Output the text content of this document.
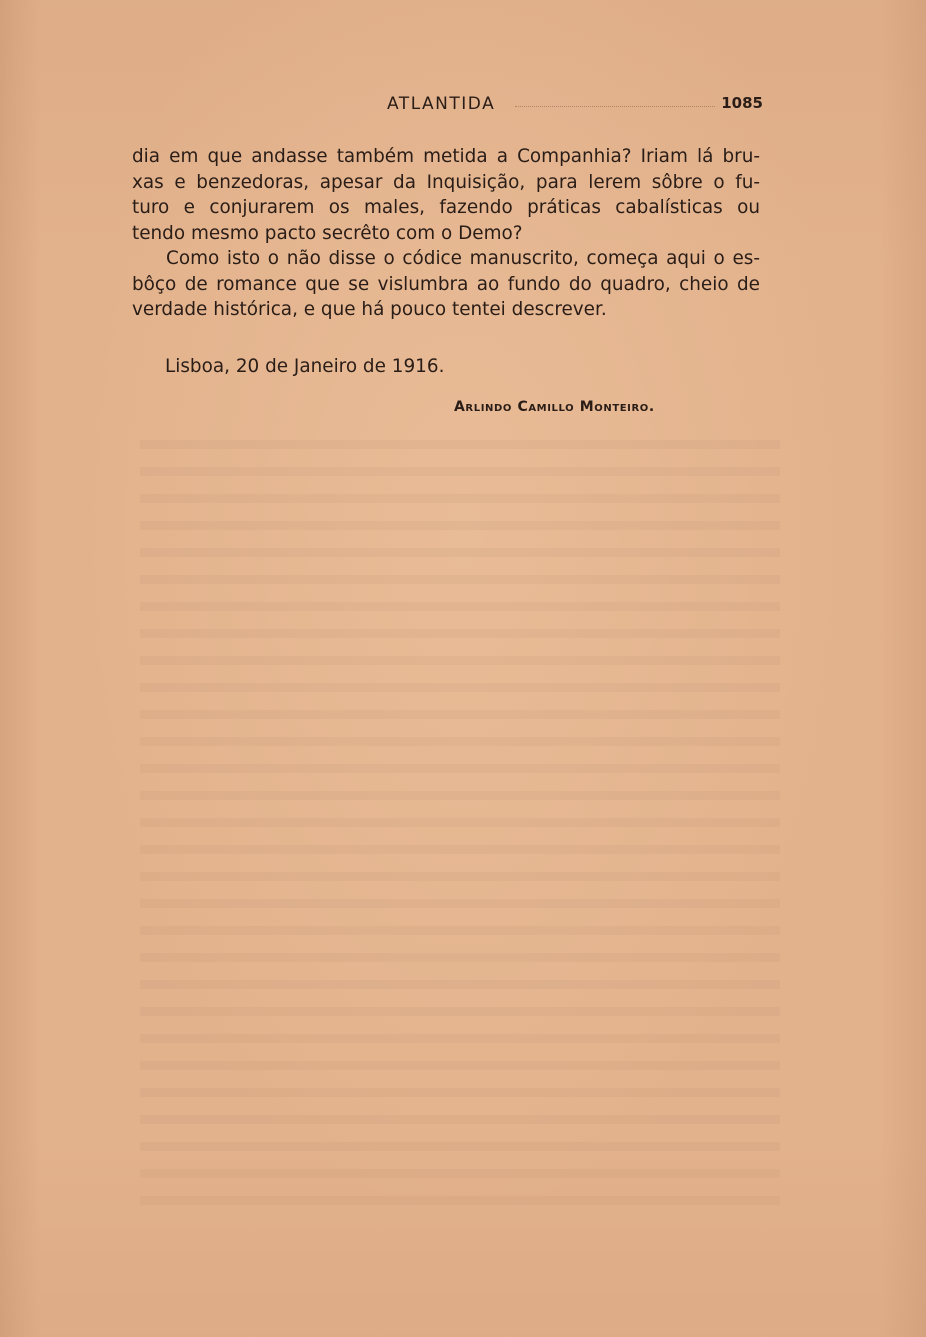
ATLANTIDA	1085
dia em que andasse também metida a Companhia? Iriam lá bru-
xas e benzedoras, apesar da Inquisição, para lerem sôbre o fu-
turo e conjurarem os males, fazendo práticas cabalísticas ou
tendo mesmo pacto secrêto com o Demo?
Como isto o não disse o códice manuscrito, começa aqui o es-
bôço de romance que se vislumbra ao fundo do quadro, cheio de
verdade histórica, e que há pouco tentei descrever.
Lisboa, 20 de Janeiro de 1916.
Arlindo Camillo Monteiro.
